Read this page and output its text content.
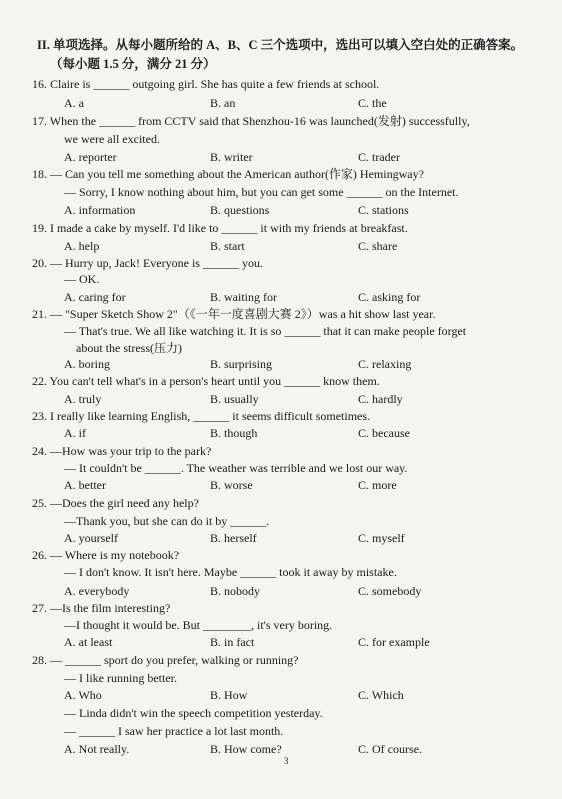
II. 单项选择。从每小题所给的 A、B、C 三个选项中，选出可以填入空白处的正确答案。
（每小题 1.5 分，满分 21 分）
16. Claire is ______ outgoing girl. She has quite a few friends at school.
A. a	B. an	C. the
17. When the ______ from CCTV said that Shenzhou-16 was launched(发射) successfully,
we were all excited.
A. reporter	B. writer	C. trader
18. — Can you tell me something about the American author(作家) Hemingway?
— Sorry, I know nothing about him, but you can get some ______ on the Internet.
A. information	B. questions	C. stations
19. I made a cake by myself. I'd like to ______ it with my friends at breakfast.
A. help	B. start	C. share
20. — Hurry up, Jack! Everyone is ______ you.
— OK.
A. caring for	B. waiting for	C. asking for
21. — "Super Sketch Show 2"（《一年一度喜剧大赛 2》）was a hit show last year.
— That's true. We all like watching it. It is so ______ that it can make people forget
about the stress(压力)
A. boring	B. surprising	C. relaxing
22. You can't tell what's in a person's heart until you ______ know them.
A. truly	B. usually	C. hardly
23. I really like learning English, ______ it seems difficult sometimes.
A. if	B. though	C. because
24. —How was your trip to the park?
— It couldn't be ______. The weather was terrible and we lost our way.
A. better	B. worse	C. more
25. —Does the girl need any help?
—Thank you, but she can do it by ______.
A. yourself	B. herself	C. myself
26. — Where is my notebook?
— I don't know. It isn't here. Maybe ______ took it away by mistake.
A. everybody	B. nobody	C. somebody
27. —Is the film interesting?
—I thought it would be. But ________, it's very boring.
A. at least	B. in fact	C. for example
28. — ______ sport do you prefer, walking or running?
— I like running better.
A. Who	B. How	C. Which
— Linda didn't win the speech competition yesterday.
— ______ I saw her practice a lot last month.
A. Not really.	B. How come?	C. Of course.
3
